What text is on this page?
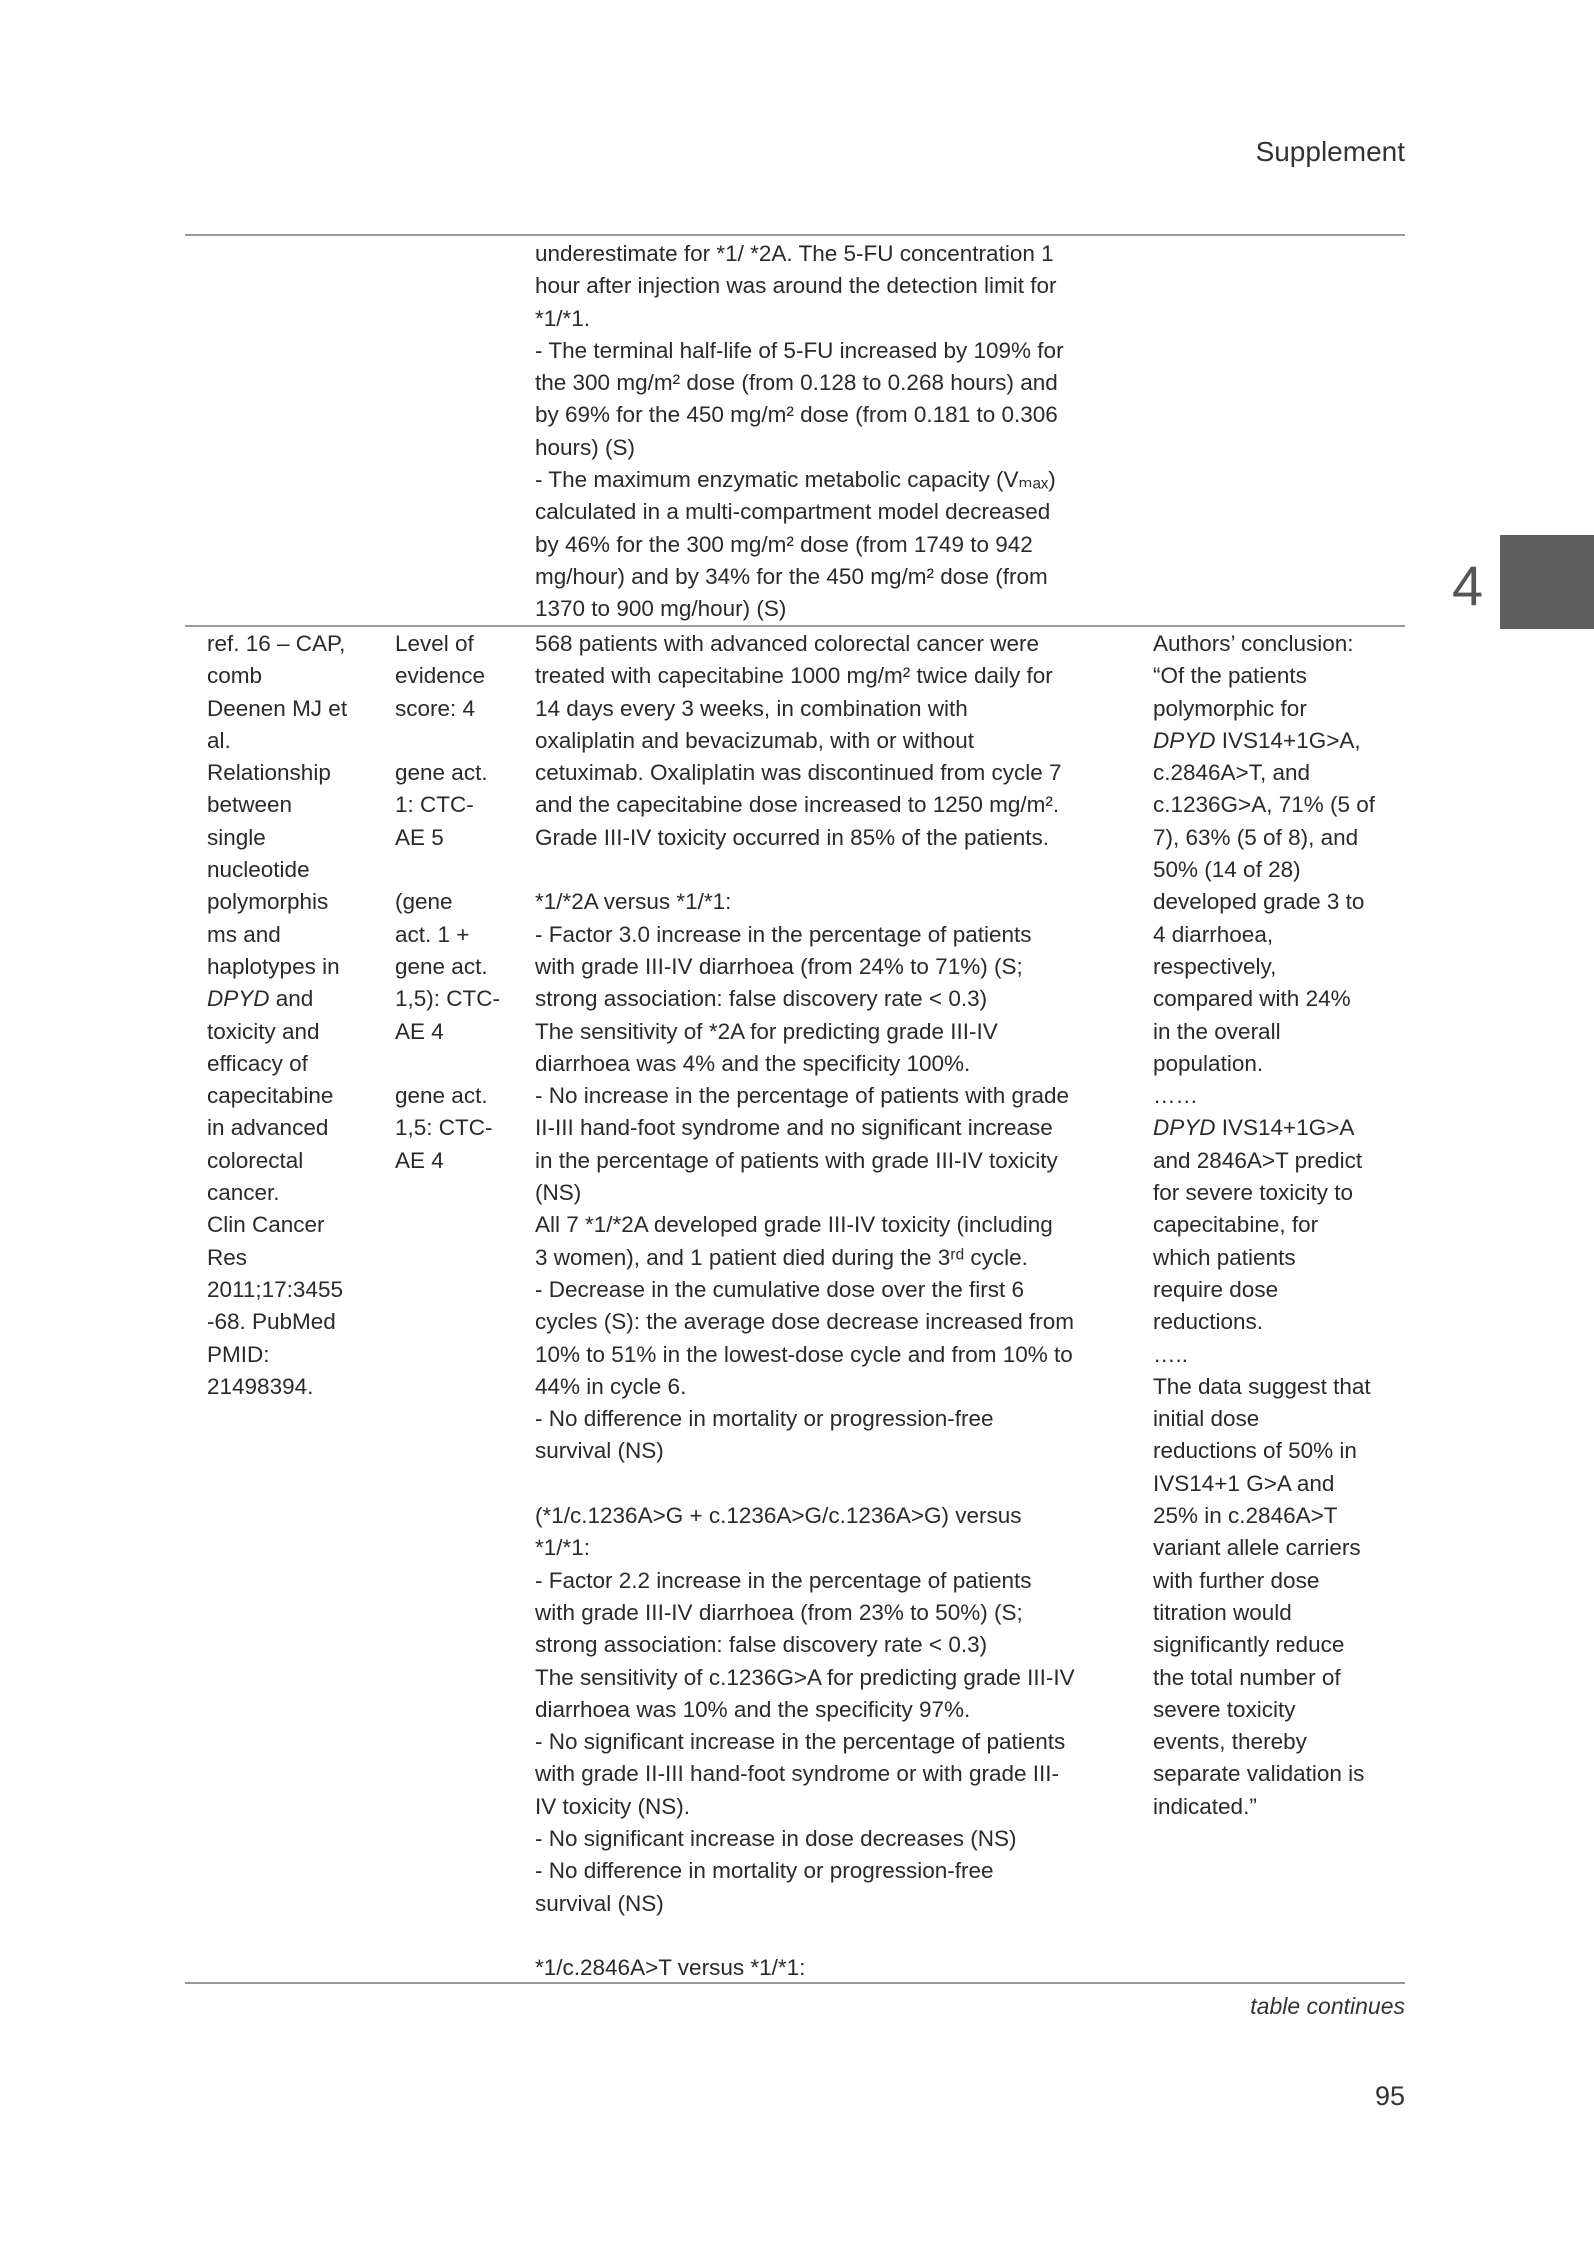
Supplement
4
underestimate for *1/ *2A. The 5-FU concentration 1
hour after injection was around the detection limit for
*1/*1.
- The terminal half-life of 5-FU increased by 109% for
the 300 mg/m² dose (from 0.128 to 0.268 hours) and
by 69% for the 450 mg/m² dose (from 0.181 to 0.306
hours) (S)
- The maximum enzymatic metabolic capacity (Vₘₐₓ)
calculated in a multi-compartment model decreased
by 46% for the 300 mg/m² dose (from 1749 to 942
mg/hour) and by 34% for the 450 mg/m² dose (from
1370 to 900 mg/hour) (S)
ref. 16 – CAP,
comb
Deenen MJ et
al.
Relationship
between
single
nucleotide
polymorphis
ms and
haplotypes in
DPYD and
toxicity and
efficacy of
capecitabine
in advanced
colorectal
cancer.
Clin Cancer
Res
2011;17:3455
-68. PubMed
PMID:
21498394.
Level of
evidence
score: 4

gene act.
1: CTC-
AE 5

(gene
act. 1 +
gene act.
1,5): CTC-
AE 4

gene act.
1,5: CTC-
AE 4
568 patients with advanced colorectal cancer were
treated with capecitabine 1000 mg/m² twice daily for
14 days every 3 weeks, in combination with
oxaliplatin and bevacizumab, with or without
cetuximab. Oxaliplatin was discontinued from cycle 7
and the capecitabine dose increased to 1250 mg/m².
Grade III-IV toxicity occurred in 85% of the patients.

*1/*2A versus *1/*1:
- Factor 3.0 increase in the percentage of patients
with grade III-IV diarrhoea (from 24% to 71%) (S;
strong association: false discovery rate < 0.3)
The sensitivity of *2A for predicting grade III-IV
diarrhoea was 4% and the specificity 100%.
- No increase in the percentage of patients with grade
II-III hand-foot syndrome and no significant increase
in the percentage of patients with grade III-IV toxicity
(NS)
All 7 *1/*2A developed grade III-IV toxicity (including
3 women), and 1 patient died during the 3ʳᵈ cycle.
- Decrease in the cumulative dose over the first 6
cycles (S): the average dose decrease increased from
10% to 51% in the lowest-dose cycle and from 10% to
44% in cycle 6.
- No difference in mortality or progression-free
survival (NS)

(*1/c.1236A>G + c.1236A>G/c.1236A>G) versus
*1/*1:
- Factor 2.2 increase in the percentage of patients
with grade III-IV diarrhoea (from 23% to 50%) (S;
strong association: false discovery rate < 0.3)
The sensitivity of c.1236G>A for predicting grade III-IV
diarrhoea was 10% and the specificity 97%.
- No significant increase in the percentage of patients
with grade II-III hand-foot syndrome or with grade III-
IV toxicity (NS).
- No significant increase in dose decreases (NS)
- No difference in mortality or progression-free
survival (NS)

*1/c.2846A>T versus *1/*1:
Authors’ conclusion:
“Of the patients
polymorphic for
DPYD IVS14+1G>A,
c.2846A>T, and
c.1236G>A, 71% (5 of
7), 63% (5 of 8), and
50% (14 of 28)
developed grade 3 to
4 diarrhoea,
respectively,
compared with 24%
in the overall
population.
……
DPYD IVS14+1G>A
and 2846A>T predict
for severe toxicity to
capecitabine, for
which patients
require dose
reductions.
…..
The data suggest that
initial dose
reductions of 50% in
IVS14+1 G>A and
25% in c.2846A>T
variant allele carriers
with further dose
titration would
significantly reduce
the total number of
severe toxicity
events, thereby
separate validation is
indicated.”
table continues
95
